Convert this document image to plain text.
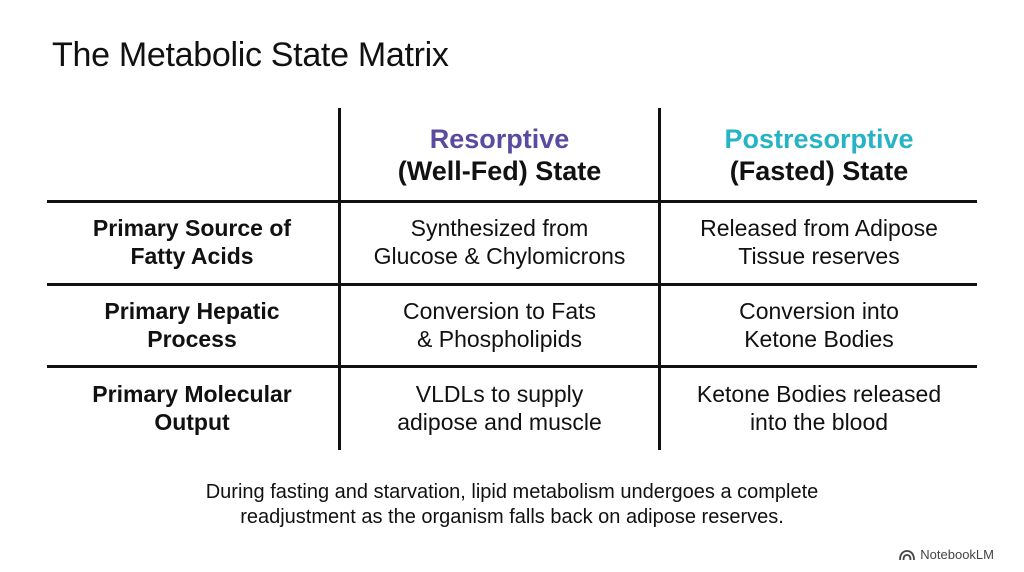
The Metabolic State Matrix
Resorptive
(Well-Fed) State
Postresorptive
(Fasted) State
Primary Source of
Fatty Acids
Synthesized from
Glucose & Chylomicrons
Released from Adipose
Tissue reserves
Primary Hepatic
Process
Conversion to Fats
& Phospholipids
Conversion into
Ketone Bodies
Primary Molecular
Output
VLDLs to supply
adipose and muscle
Ketone Bodies released
into the blood
During fasting and starvation, lipid metabolism undergoes a complete
readjustment as the organism falls back on adipose reserves.
NotebookLM
